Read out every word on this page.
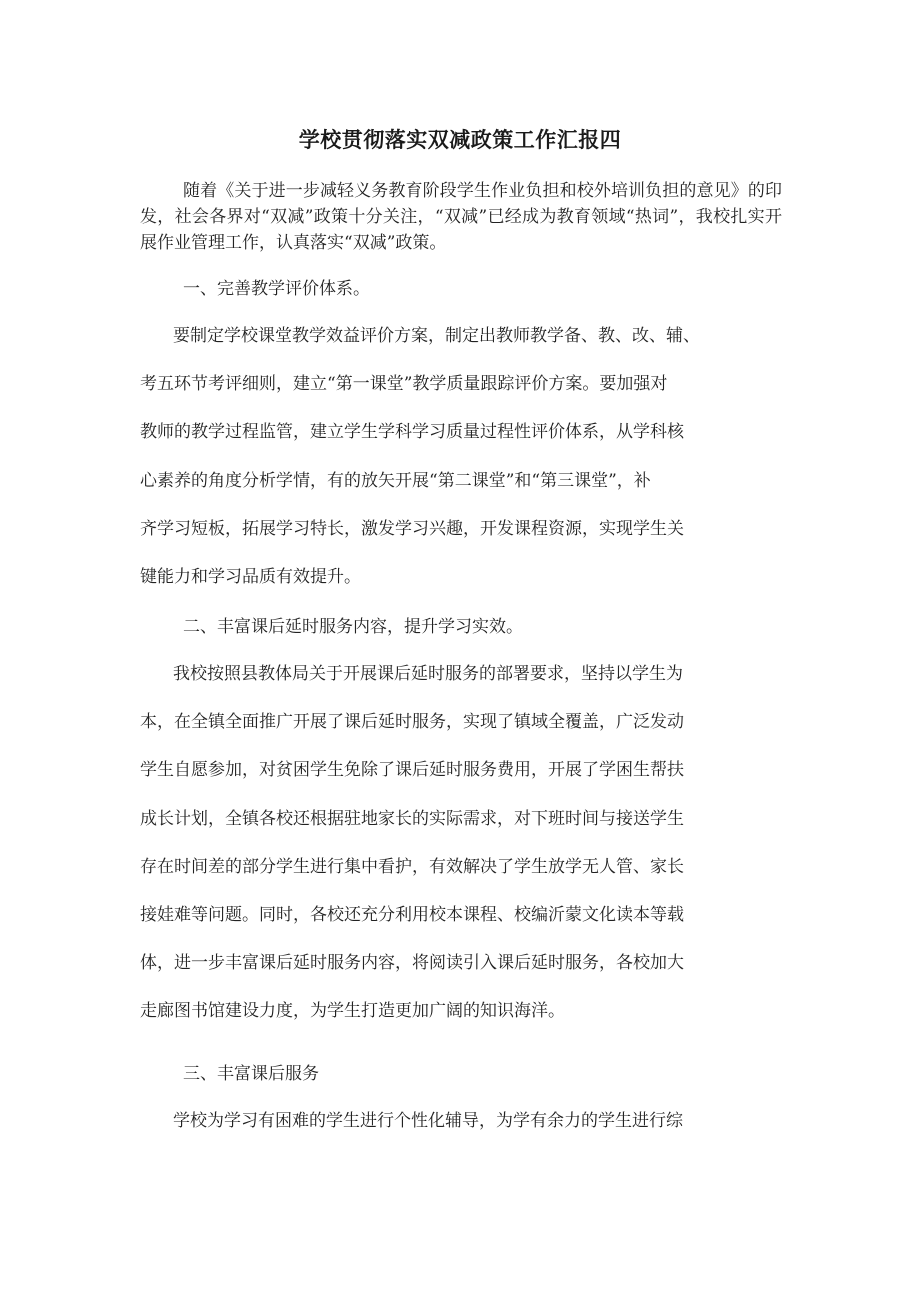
学校贯彻落实双减政策工作汇报四

随着《关于进一步减轻义务教育阶段学生作业负担和校外培训负担的意见》的印发，社会各界对“双减”政策十分关注，“双减”已经成为教育领域“热词”，我校扎实开展作业管理工作，认真落实“双减”政策。

一、完善教学评价体系。

要制定学校课堂教学效益评价方案，制定出教师教学备、教、改、辅、
考五环节考评细则，建立“第一课堂”教学质量跟踪评价方案。要加强对
教师的教学过程监管，建立学生学科学习质量过程性评价体系，从学科核
心素养的角度分析学情，有的放矢开展“第二课堂”和“第三课堂”，补
齐学习短板，拓展学习特长，激发学习兴趣，开发课程资源，实现学生关
键能力和学习品质有效提升。

二、丰富课后延时服务内容，提升学习实效。

我校按照县教体局关于开展课后延时服务的部署要求，坚持以学生为
本，在全镇全面推广开展了课后延时服务，实现了镇域全覆盖，广泛发动
学生自愿参加，对贫困学生免除了课后延时服务费用，开展了学困生帮扶
成长计划，全镇各校还根据驻地家长的实际需求，对下班时间与接送学生
存在时间差的部分学生进行集中看护，有效解决了学生放学无人管、家长
接娃难等问题。同时，各校还充分利用校本课程、校编沂蒙文化读本等载
体，进一步丰富课后延时服务内容，将阅读引入课后延时服务，各校加大
走廊图书馆建设力度，为学生打造更加广阔的知识海洋。

三、丰富课后服务

学校为学习有困难的学生进行个性化辅导，为学有余力的学生进行综
